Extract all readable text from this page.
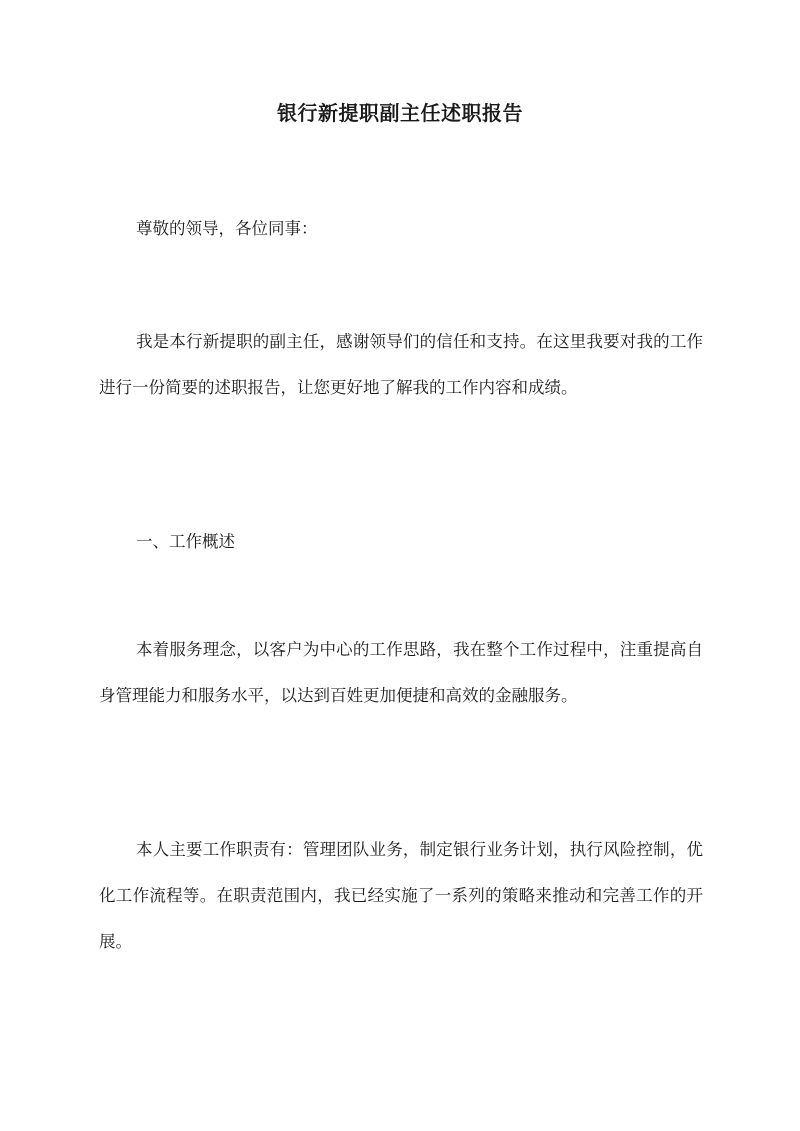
银行新提职副主任述职报告

尊敬的领导，各位同事：

我是本行新提职的副主任，感谢领导们的信任和支持。在这里我要对我的工作进行一份简要的述职报告，让您更好地了解我的工作内容和成绩。

一、工作概述

本着服务理念，以客户为中心的工作思路，我在整个工作过程中，注重提高自身管理能力和服务水平，以达到百姓更加便捷和高效的金融服务。

本人主要工作职责有：管理团队业务，制定银行业务计划，执行风险控制，优化工作流程等。在职责范围内，我已经实施了一系列的策略来推动和完善工作的开展。
